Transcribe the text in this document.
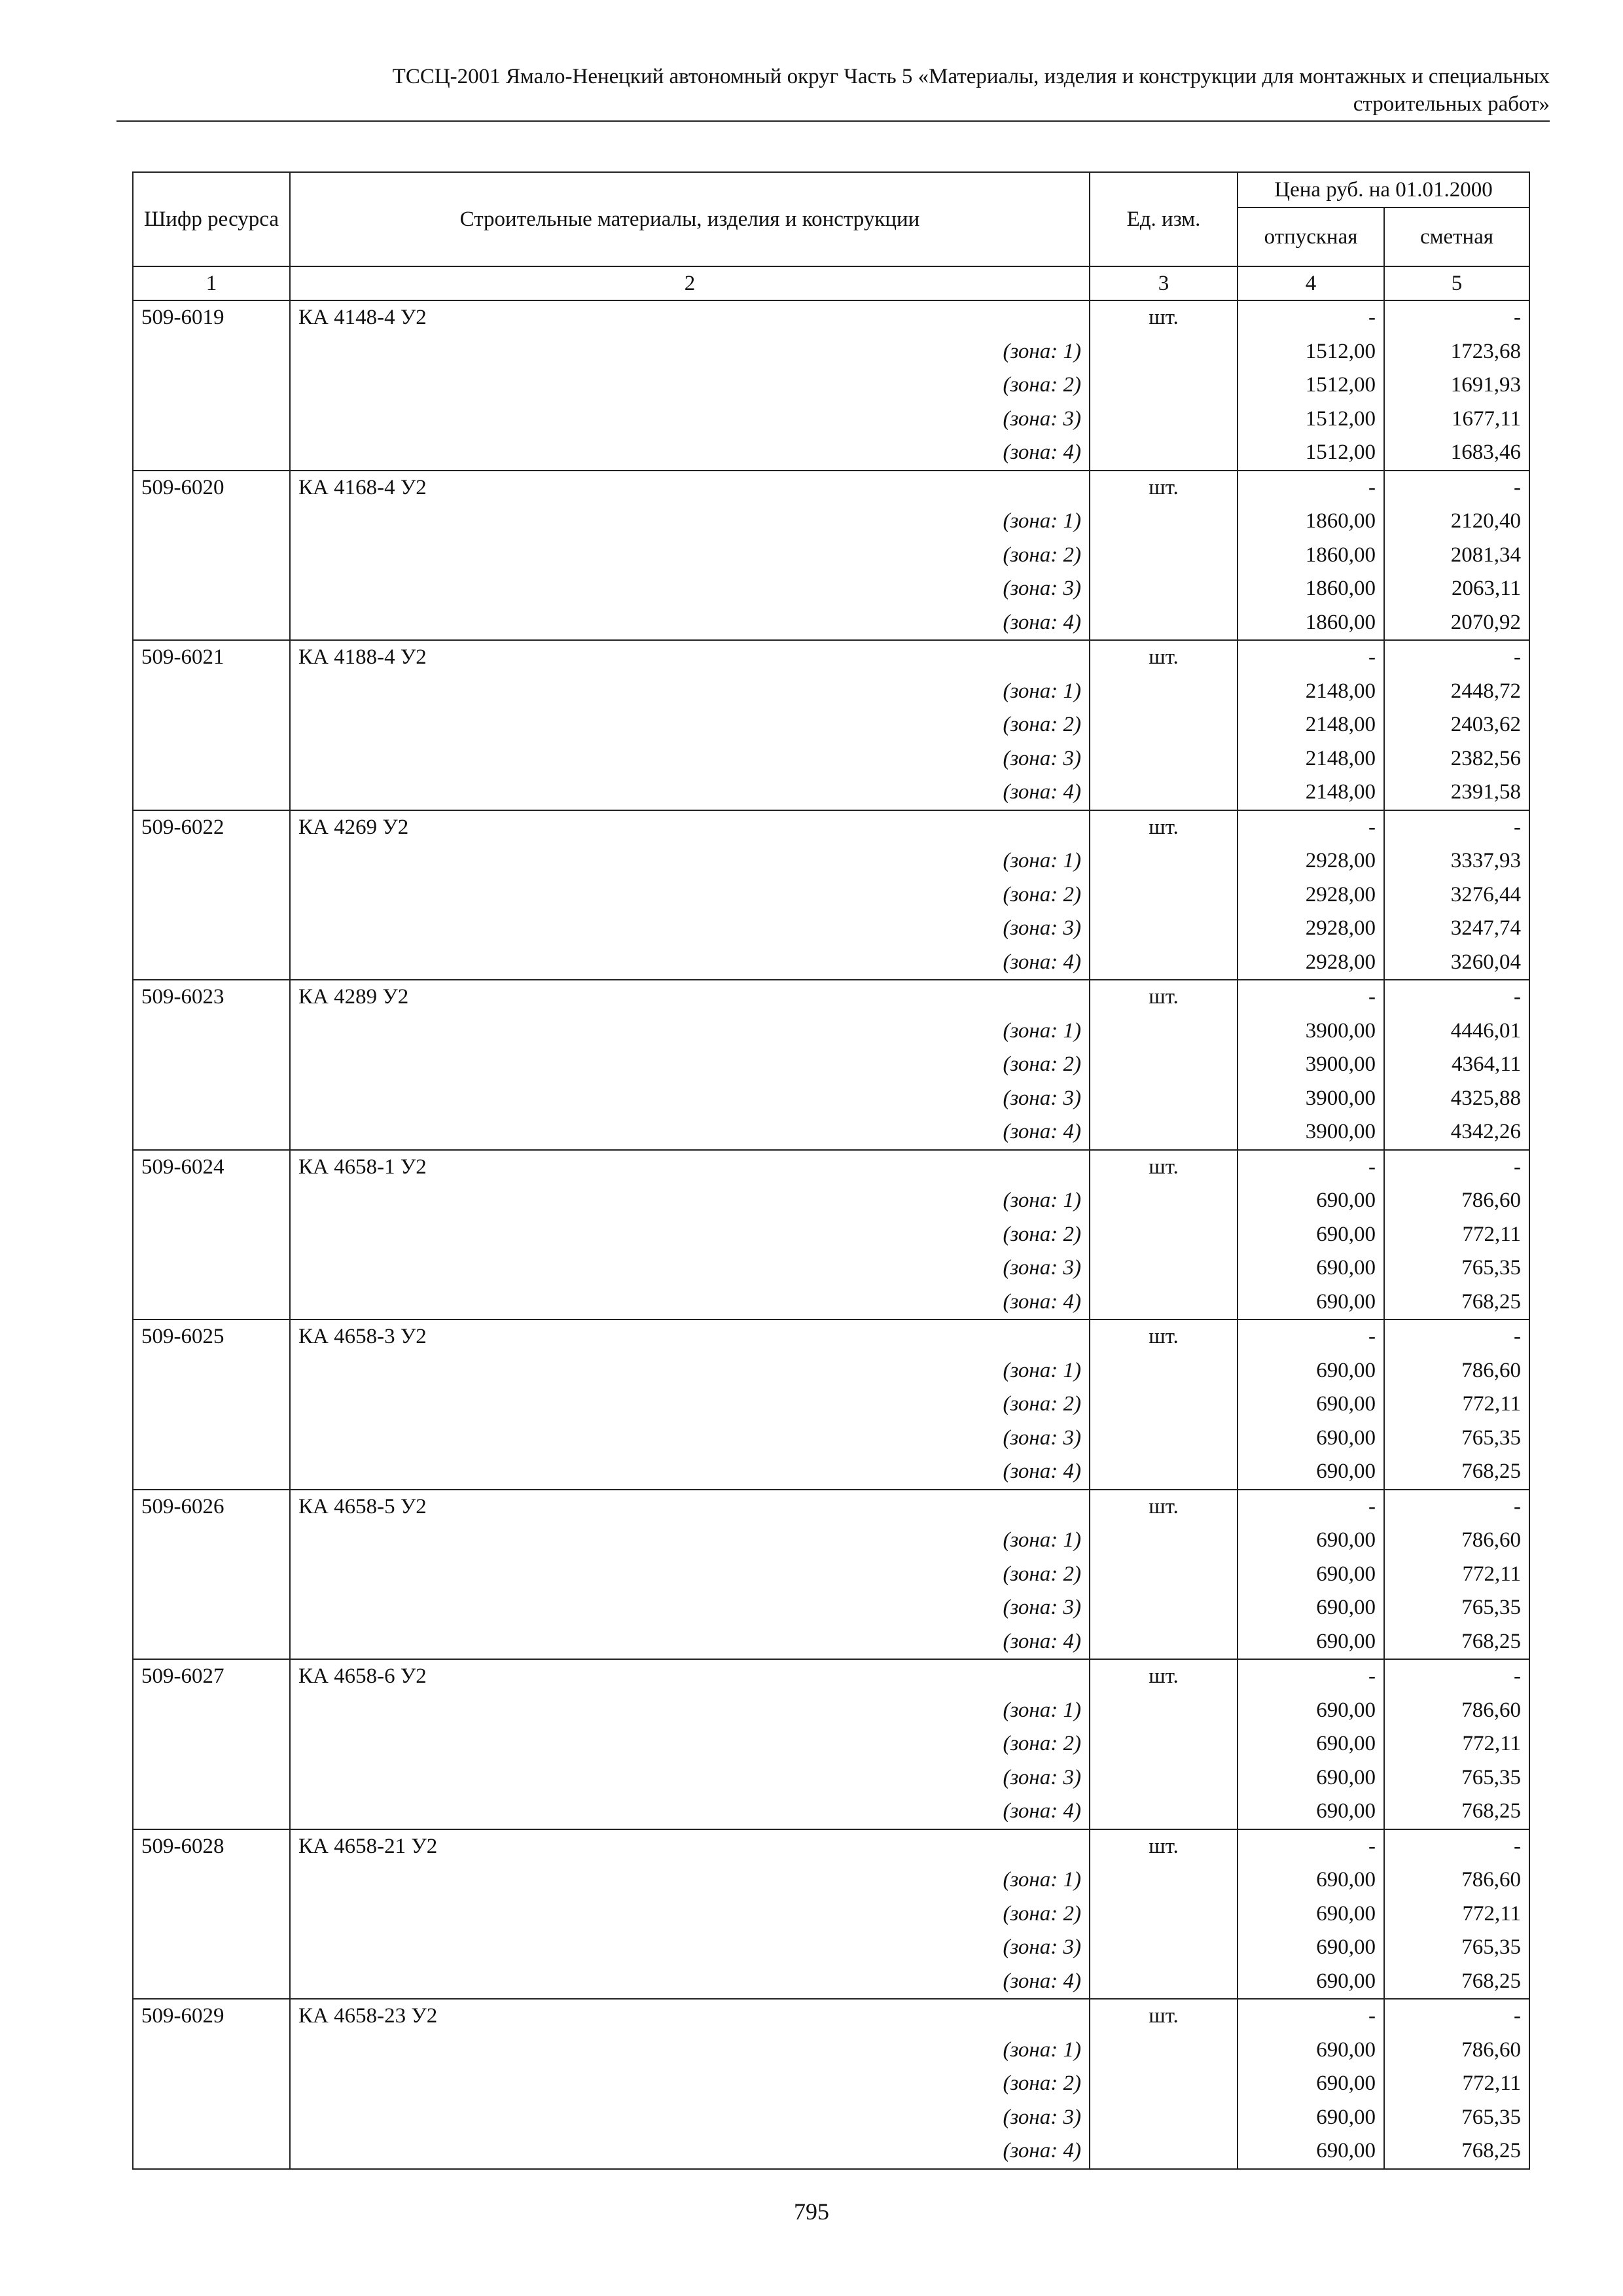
ТССЦ-2001 Ямало-Ненецкий автономный округ Часть 5 «Материалы, изделия и конструкции для монтажных и специальных
строительных работ»
Шифр ресурса	Строительные материалы, изделия и конструкции	Ед. изм.	Цена руб. на 01.01.2000	
			отпускная	сметная
1	2	3	4	5
509-6019	КА 4148-4 У2	шт.	-	-
	(зона: 1)		1512,00	1723,68
	(зона: 2)		1512,00	1691,93
	(зона: 3)		1512,00	1677,11
	(зона: 4)		1512,00	1683,46
509-6020	КА 4168-4 У2	шт.	-	-
	(зона: 1)		1860,00	2120,40
	(зона: 2)		1860,00	2081,34
	(зона: 3)		1860,00	2063,11
	(зона: 4)		1860,00	2070,92
509-6021	КА 4188-4 У2	шт.	-	-
	(зона: 1)		2148,00	2448,72
	(зона: 2)		2148,00	2403,62
	(зона: 3)		2148,00	2382,56
	(зона: 4)		2148,00	2391,58
509-6022	КА 4269 У2	шт.	-	-
	(зона: 1)		2928,00	3337,93
	(зона: 2)		2928,00	3276,44
	(зона: 3)		2928,00	3247,74
	(зона: 4)		2928,00	3260,04
509-6023	КА 4289 У2	шт.	-	-
	(зона: 1)		3900,00	4446,01
	(зона: 2)		3900,00	4364,11
	(зона: 3)		3900,00	4325,88
	(зона: 4)		3900,00	4342,26
509-6024	КА 4658-1 У2	шт.	-	-
	(зона: 1)		690,00	786,60
	(зона: 2)		690,00	772,11
	(зона: 3)		690,00	765,35
	(зона: 4)		690,00	768,25
509-6025	КА 4658-3 У2	шт.	-	-
	(зона: 1)		690,00	786,60
	(зона: 2)		690,00	772,11
	(зона: 3)		690,00	765,35
	(зона: 4)		690,00	768,25
509-6026	КА 4658-5 У2	шт.	-	-
	(зона: 1)		690,00	786,60
	(зона: 2)		690,00	772,11
	(зона: 3)		690,00	765,35
	(зона: 4)		690,00	768,25
509-6027	КА 4658-6 У2	шт.	-	-
	(зона: 1)		690,00	786,60
	(зона: 2)		690,00	772,11
	(зона: 3)		690,00	765,35
	(зона: 4)		690,00	768,25
509-6028	КА 4658-21 У2	шт.	-	-
	(зона: 1)		690,00	786,60
	(зона: 2)		690,00	772,11
	(зона: 3)		690,00	765,35
	(зона: 4)		690,00	768,25
509-6029	КА 4658-23 У2	шт.	-	-
	(зона: 1)		690,00	786,60
	(зона: 2)		690,00	772,11
	(зона: 3)		690,00	765,35
	(зона: 4)		690,00	768,25
795
